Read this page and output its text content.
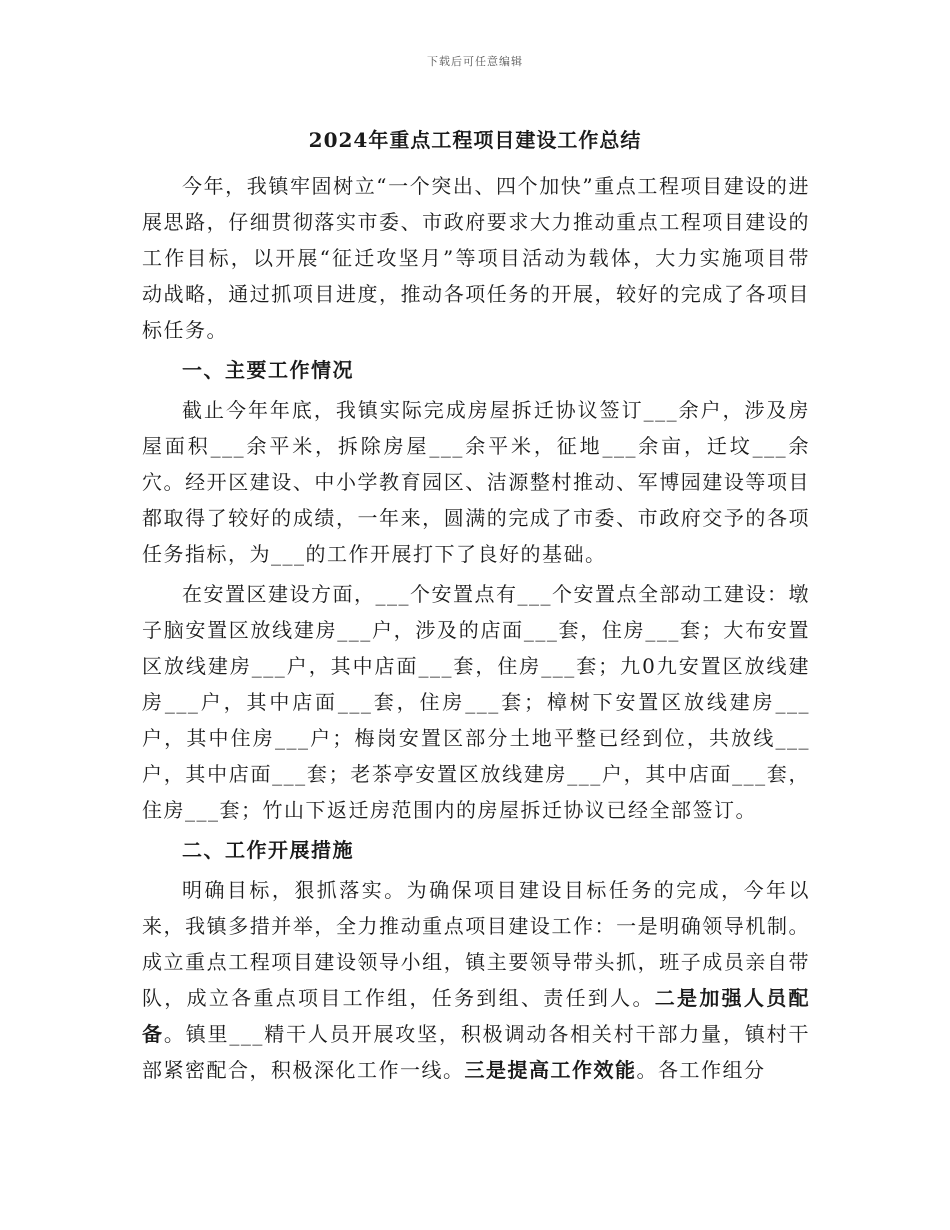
下载后可任意编辑
2024年重点工程项目建设工作总结

今年，我镇牢固树立“一个突出、四个加快”重点工程项目建设的进展思路，仔细贯彻落实市委、市政府要求大力推动重点工程项目建设的工作目标，以开展“征迁攻坚月”等项目活动为载体，大力实施项目带动战略，通过抓项目进度，推动各项任务的开展，较好的完成了各项目标任务。

一、主要工作情况

截止今年年底，我镇实际完成房屋拆迁协议签订___余户，涉及房屋面积___余平米，拆除房屋___余平米，征地___余亩，迁坟___余穴。经开区建设、中小学教育园区、洁源整村推动、军博园建设等项目都取得了较好的成绩，一年来，圆满的完成了市委、市政府交予的各项任务指标，为___的工作开展打下了良好的基础。

在安置区建设方面，___个安置点有___个安置点全部动工建设：墩子脑安置区放线建房___户，涉及的店面___套，住房___套；大布安置区放线建房___户，其中店面___套，住房___套；九0九安置区放线建房___户，其中店面___套，住房___套；樟树下安置区放线建房___户，其中住房___户；梅岗安置区部分土地平整已经到位，共放线___户，其中店面___套；老茶亭安置区放线建房___户，其中店面___套，住房___套；竹山下返迁房范围内的房屋拆迁协议已经全部签订。

二、工作开展措施

明确目标，狠抓落实。为确保项目建设目标任务的完成，今年以来，我镇多措并举，全力推动重点项目建设工作：一是明确领导机制。成立重点工程项目建设领导小组，镇主要领导带头抓，班子成员亲自带队，成立各重点项目工作组，任务到组、责任到人。二是加强人员配备。镇里___精干人员开展攻坚，积极调动各相关村干部力量，镇村干部紧密配合，积极深化工作一线。三是提高工作效能。各工作组分
